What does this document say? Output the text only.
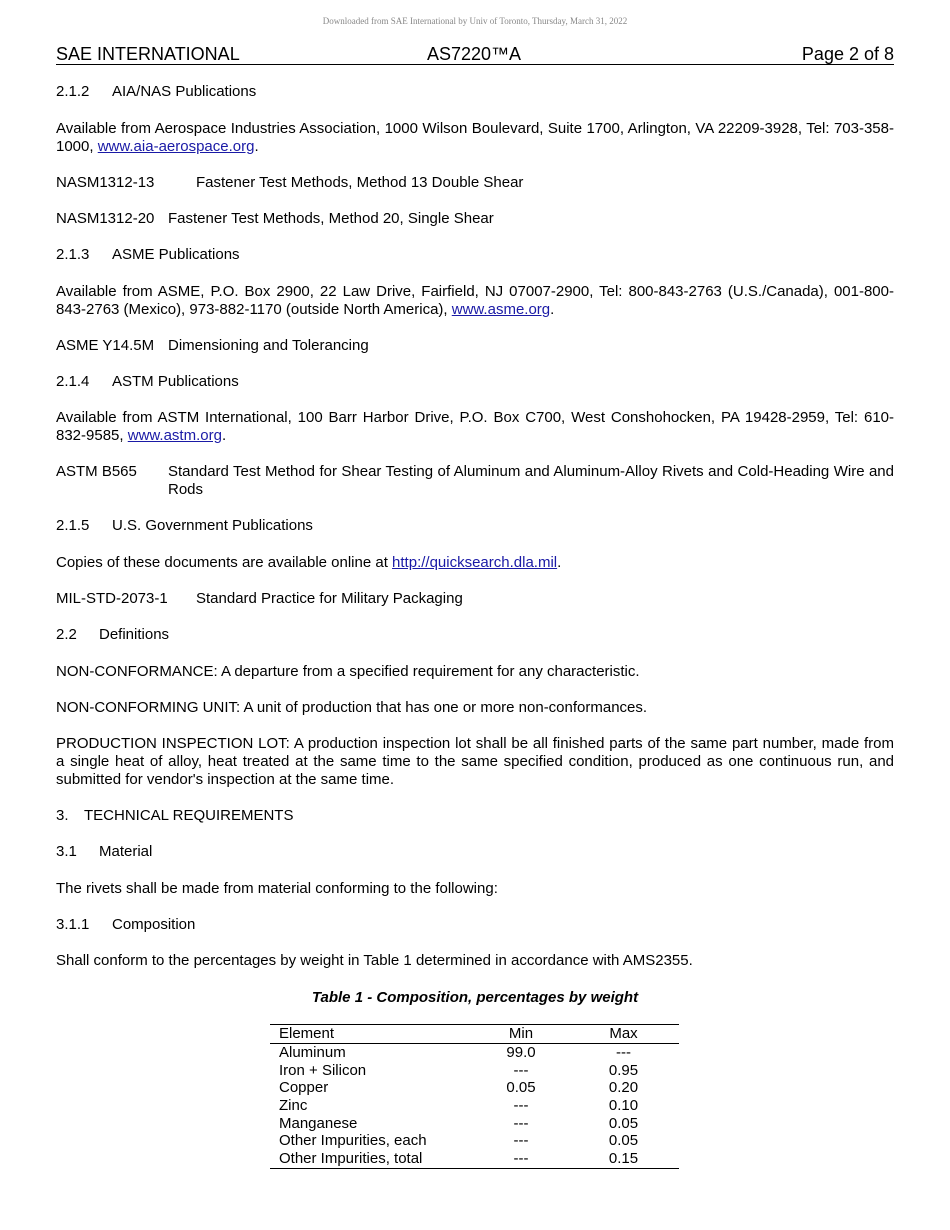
Downloaded from SAE International by Univ of Toronto, Thursday, March 31, 2022
SAE INTERNATIONAL	AS7220™A	Page 2 of 8
2.1.2 AIA/NAS Publications
Available from Aerospace Industries Association, 1000 Wilson Boulevard, Suite 1700, Arlington, VA 22209-3928, Tel: 703-358-1000, www.aia-aerospace.org.
NASM1312-13	Fastener Test Methods, Method 13 Double Shear
NASM1312-20 Fastener Test Methods, Method 20, Single Shear
2.1.3 ASME Publications
Available from ASME, P.O. Box 2900, 22 Law Drive, Fairfield, NJ 07007-2900, Tel: 800-843-2763 (U.S./Canada), 001-800-843-2763 (Mexico), 973-882-1170 (outside North America), www.asme.org.
ASME Y14.5M Dimensioning and Tolerancing
2.1.4 ASTM Publications
Available from ASTM International, 100 Barr Harbor Drive, P.O. Box C700, West Conshohocken, PA 19428-2959, Tel: 610-832-9585, www.astm.org.
ASTM B565 Standard Test Method for Shear Testing of Aluminum and Aluminum-Alloy Rivets and Cold-Heading Wire and Rods
2.1.5 U.S. Government Publications
Copies of these documents are available online at http://quicksearch.dla.mil.
MIL-STD-2073-1 Standard Practice for Military Packaging
2.2 Definitions
NON-CONFORMANCE: A departure from a specified requirement for any characteristic.
NON-CONFORMING UNIT: A unit of production that has one or more non-conformances.
PRODUCTION INSPECTION LOT: A production inspection lot shall be all finished parts of the same part number, made from a single heat of alloy, heat treated at the same time to the same specified condition, produced as one continuous run, and submitted for vendor's inspection at the same time.
3. TECHNICAL REQUIREMENTS
3.1 Material
The rivets shall be made from material conforming to the following:
3.1.1 Composition
Shall conform to the percentages by weight in Table 1 determined in accordance with AMS2355.
Table 1 - Composition, percentages by weight
Element	Min	Max
Aluminum	99.0	---
Iron + Silicon	---	0.95
Copper	0.05	0.20
Zinc	---	0.10
Manganese	---	0.05
Other Impurities, each	---	0.05
Other Impurities, total	---	0.15
